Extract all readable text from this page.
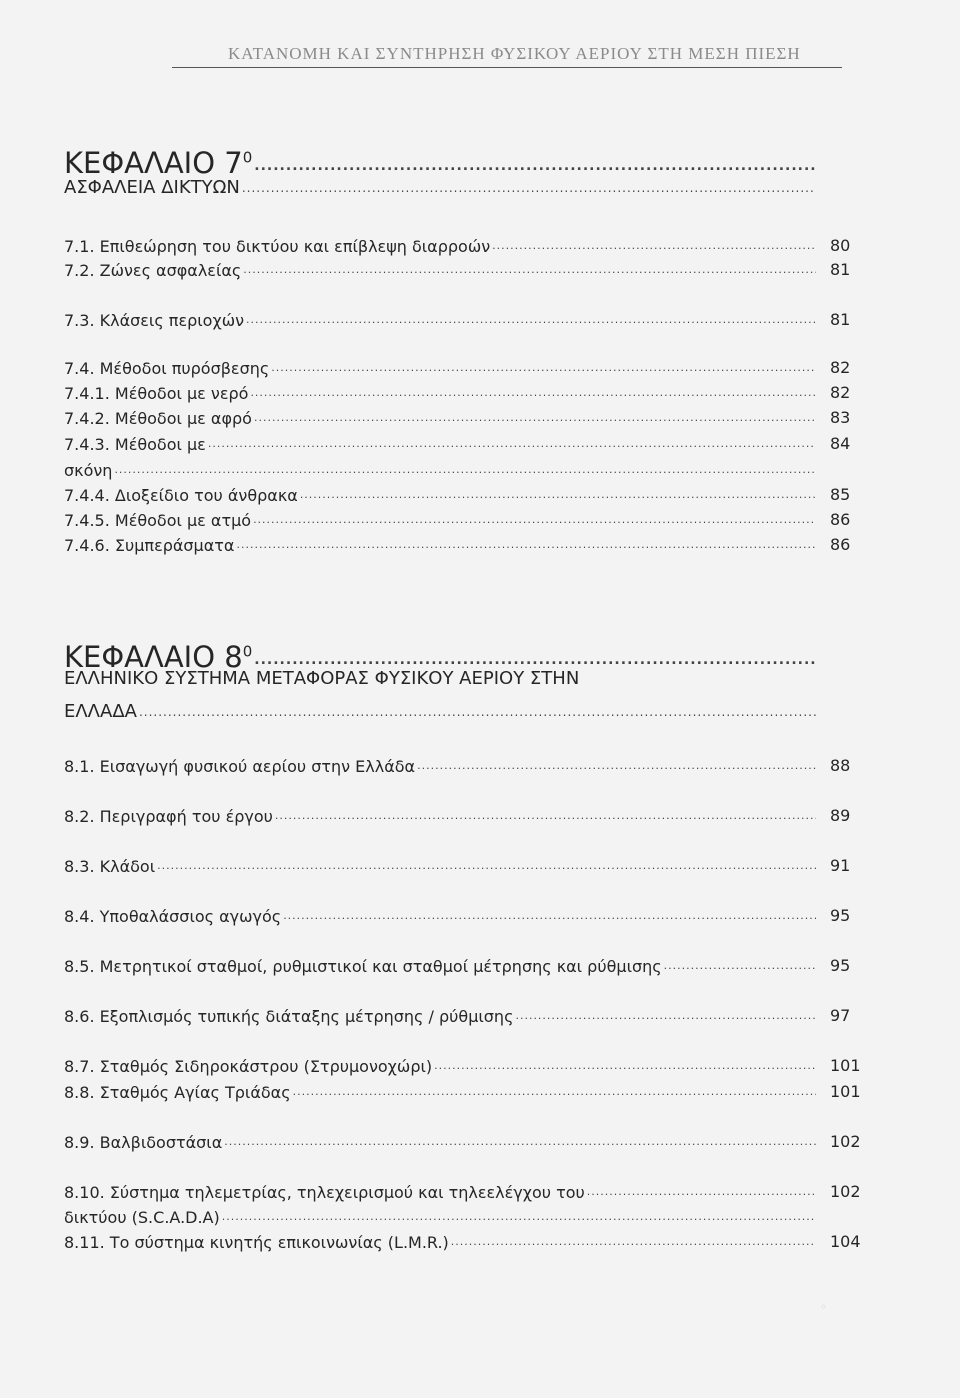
ΚΑΤΑΝΟΜΗ ΚΑΙ ΣΥΝΤΗΡΗΣΗ ΦΥΣΙΚΟΥ ΑΕΡΙΟΥ ΣΤΗ ΜΕΣΗ ΠΙΕΣΗ
ΚΕΦΑΛΑΙΟ $7^0$
.....
ΑΣΦΑΛΕΙΑ ΔΙΚΤΥΩΝ
.....
7.1. Επιθεώρηση του δικτύου και επίβλεψη διαρροών .....	80
7.2. Ζώνες ασφαλείας .....	81
7.3. Κλάσεις περιοχών .....	81
7.4. Μέθοδοι πυρόσβεσης .....	82
7.4.1. Μέθοδοι με νερό .....	82
7.4.2. Μέθοδοι με αφρό .....	83
7.4.3. Μέθοδοι με .....	84
σκόνη
.....
7.4.4. Διοξείδιο του άνθρακα .....	85
7.4.5. Μέθοδοι με ατμό .....	86
7.4.6. Συμπεράσματα .....	86
ΚΕΦΑΛΑΙΟ $8^0$
.....
ΕΛΛΗΝΙΚΟ ΣΥΣΤΗΜΑ ΜΕΤΑΦΟΡΑΣ ΦΥΣΙΚΟΥ ΑΕΡΙΟΥ ΣΤΗΝ
ΕΛΛΑΔΑ
.....
8.1. Εισαγωγή φυσικού αερίου στην Ελλάδα .....	88
8.2. Περιγραφή του έργου .....	89
8.3. Κλάδοι .....	91
8.4. Υποθαλάσσιος αγωγός .....	95
8.5. Μετρητικοί σταθμοί, ρυθμιστικοί και σταθμοί μέτρησης και ρύθμισης .....	95
8.6. Εξοπλισμός τυπικής διάταξης μέτρησης / ρύθμισης .....	97
8.7. Σταθμός Σιδηροκάστρου (Στρυμονοχώρι) .....	101
8.8. Σταθμός Αγίας Τριάδας .....	101
8.9. Βαλβιδοστάσια .....	102
8.10. Σύστημα τηλεμετρίας, τηλεχειρισμού και τηλεελέγχου του .....	102
δικτύου (S.C.A.D.A)
.....
8.11. Το σύστημα κινητής επικοινωνίας (L.M.R.) .....	104
◦
